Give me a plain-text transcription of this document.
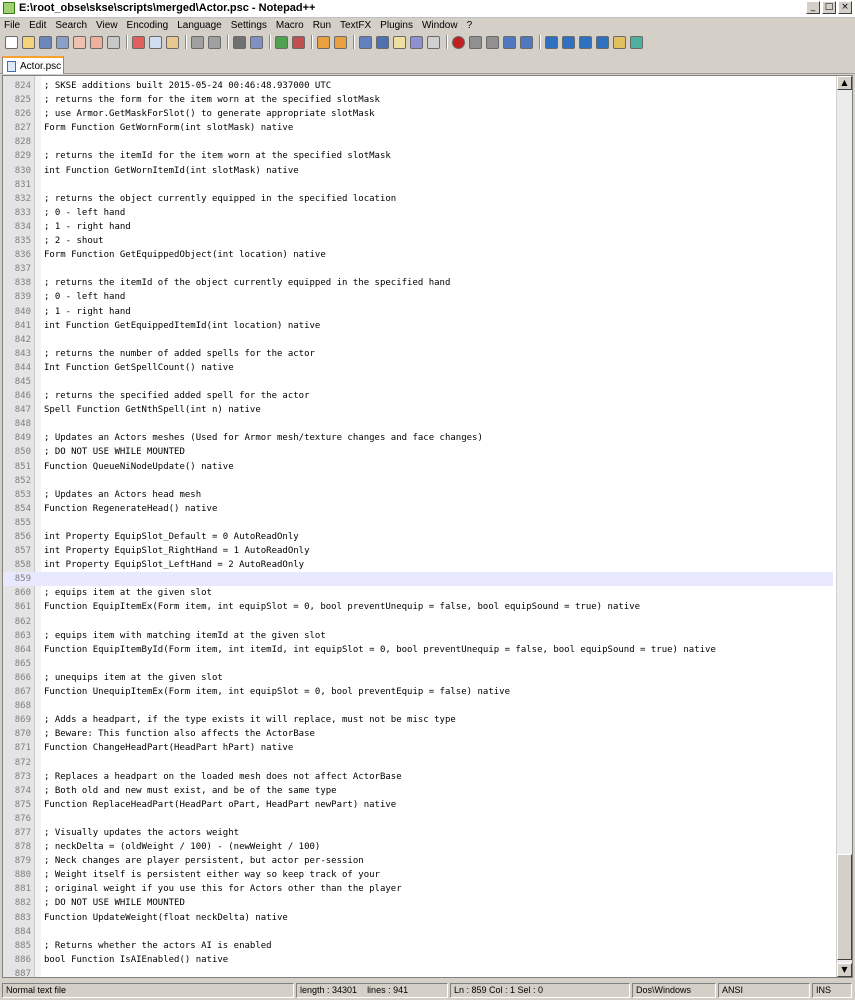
E:\root_obse\skse\scripts\merged\Actor.psc - Notepad++	_	□ ×
File Edit Search View Encoding Language Settings Macro Run TextFX Plugins Window ?
Actor.psc
824 ; SKSE additions built 2015-05-24 00:46:48.937000 UTC
825 ; returns the form for the item worn at the specified slotMask
826 ; use Armor.GetMaskForSlot() to generate appropriate slotMask
827 Form Function GetWornForm(int slotMask) native
828
829 ; returns the itemId for the item worn at the specified slotMask
830 int Function GetWornItemId(int slotMask) native
831
832 ; returns the object currently equipped in the specified location
833 ; 0 - left hand
834 ; 1 - right hand
835 ; 2 - shout
836 Form Function GetEquippedObject(int location) native
837
838 ; returns the itemId of the object currently equipped in the specified hand
839 ; 0 - left hand
840 ; 1 - right hand
841 int Function GetEquippedItemId(int location) native
842
843 ; returns the number of added spells for the actor
844 Int Function GetSpellCount() native
845
846 ; returns the specified added spell for the actor
847 Spell Function GetNthSpell(int n) native
848
849 ; Updates an Actors meshes (Used for Armor mesh/texture changes and face changes)
850 ; DO NOT USE WHILE MOUNTED
851 Function QueueNiNodeUpdate() native
852
853 ; Updates an Actors head mesh
854 Function RegenerateHead() native
855
856 int Property EquipSlot_Default = 0 AutoReadOnly
857 int Property EquipSlot_RightHand = 1 AutoReadOnly
858 int Property EquipSlot_LeftHand = 2 AutoReadOnly
859
860 ; equips item at the given slot
861 Function EquipItemEx(Form item, int equipSlot = 0, bool preventUnequip = false, bool equipSound = true) native
862
863 ; equips item with matching itemId at the given slot
864 Function EquipItemById(Form item, int itemId, int equipSlot = 0, bool preventUnequip = false, bool equipSound = true) native
865
866 ; unequips item at the given slot
867 Function UnequipItemEx(Form item, int equipSlot = 0, bool preventEquip = false) native
868
869 ; Adds a headpart, if the type exists it will replace, must not be misc type
870 ; Beware: This function also affects the ActorBase
871 Function ChangeHeadPart(HeadPart hPart) native
872
873 ; Replaces a headpart on the loaded mesh does not affect ActorBase
874 ; Both old and new must exist, and be of the same type
875 Function ReplaceHeadPart(HeadPart oPart, HeadPart newPart) native
876
877 ; Visually updates the actors weight
878 ; neckDelta = (oldWeight / 100) - (newWeight / 100)
879 ; Neck changes are player persistent, but actor per-session
880 ; Weight itself is persistent either way so keep track of your
881 ; original weight if you use this for Actors other than the player
882 ; DO NOT USE WHILE MOUNTED
883 Function UpdateWeight(float neckDelta) native
884
885 ; Returns whether the actors AI is enabled
886 bool Function IsAIEnabled() native
887
▲
▼
Normal text file	length : 34301 lines : 941	Ln : 859 Col : 1 Sel : 0	Dos\Windows	ANSI	INS
